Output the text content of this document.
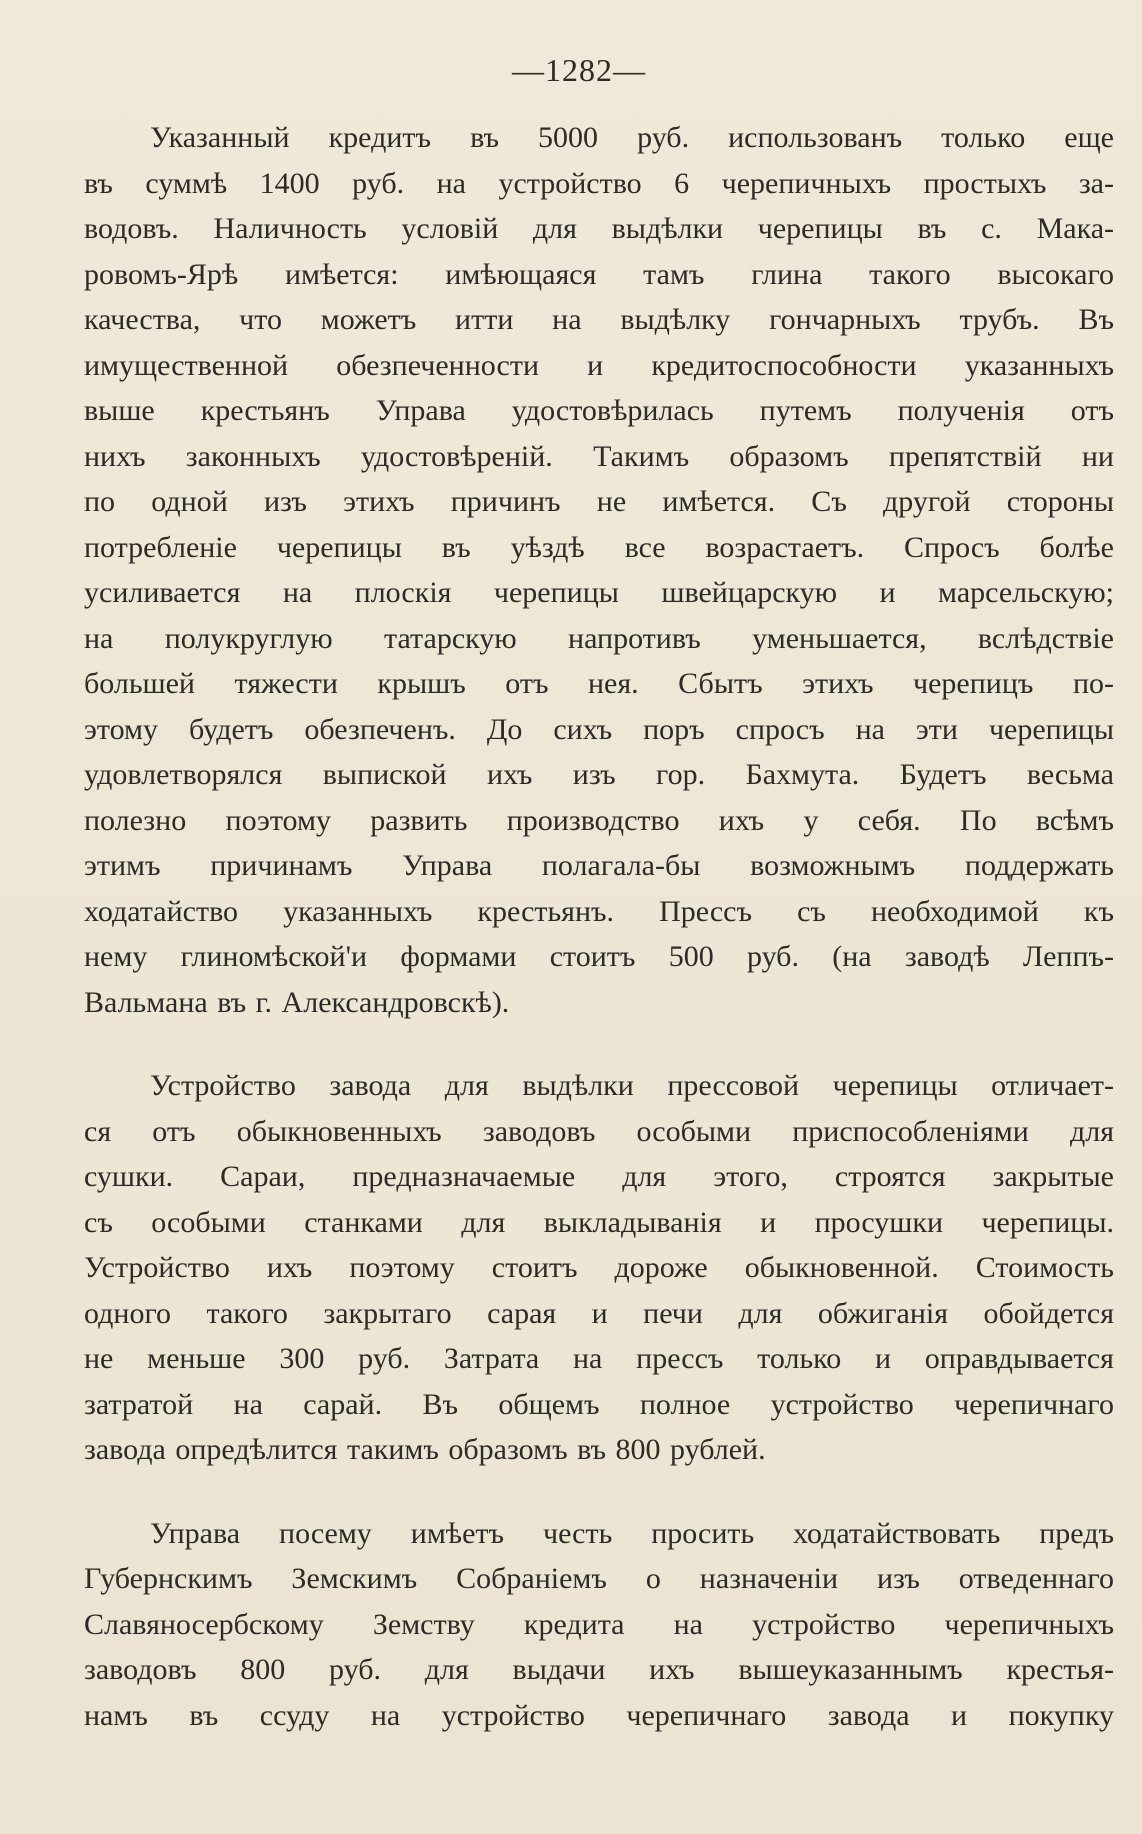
—1282—
Указанный кредитъ въ 5000 руб. использованъ только еще
въ суммѣ 1400 руб. на устройство 6 черепичныхъ простыхъ за-
водовъ. Наличность условій для выдѣлки черепицы въ с. Мака-
ровомъ-Ярѣ имѣется: имѣющаяся тамъ глина такого высокаго
качества, что можетъ итти на выдѣлку гончарныхъ трубъ. Въ
имущественной обезпеченности и кредитоспособности указанныхъ
выше крестьянъ Управа удостовѣрилась путемъ полученія отъ
нихъ законныхъ удостовѣреній. Такимъ образомъ препятствій ни
по одной изъ этихъ причинъ не имѣется. Съ другой стороны
потребленіе черепицы въ уѣздѣ все возрастаетъ. Спросъ болѣе
усиливается на плоскія черепицы швейцарскую и марсельскую;
на полукруглую татарскую напротивъ уменьшается, вслѣдствіе
большей тяжести крышъ отъ нея. Сбытъ этихъ черепицъ по-
этому будетъ обезпеченъ. До сихъ поръ спросъ на эти черепицы
удовлетворялся выпиской ихъ изъ гор. Бахмута. Будетъ весьма
полезно поэтому развить производство ихъ у себя. По всѣмъ
этимъ причинамъ Управа полагала-бы возможнымъ поддержать
ходатайство указанныхъ крестьянъ. Прессъ съ необходимой къ
нему глиномѣской'и формами стоитъ 500 руб. (на заводѣ Леппъ-
Вальмана въ г. Александровскѣ).
Устройство завода для выдѣлки прессовой черепицы отличает-
ся отъ обыкновенныхъ заводовъ особыми приспособленіями для
сушки. Сараи, предназначаемые для этого, строятся закрытые
съ особыми станками для выкладыванія и просушки черепицы.
Устройство ихъ поэтому стоитъ дороже обыкновенной. Стоимость
одного такого закрытаго сарая и печи для обжиганія обойдется
не меньше 300 руб. Затрата на прессъ только и оправдывается
затратой на сарай. Въ общемъ полное устройство черепичнаго
завода опредѣлится такимъ образомъ въ 800 рублей.
Управа посему имѣетъ честь просить ходатайствовать предъ
Губернскимъ Земскимъ Собраніемъ о назначеніи изъ отведеннаго
Славяносербскому Земству кредита на устройство черепичныхъ
заводовъ 800 руб. для выдачи ихъ вышеуказаннымъ крестья-
намъ въ ссуду на устройство черепичнаго завода и покупку
